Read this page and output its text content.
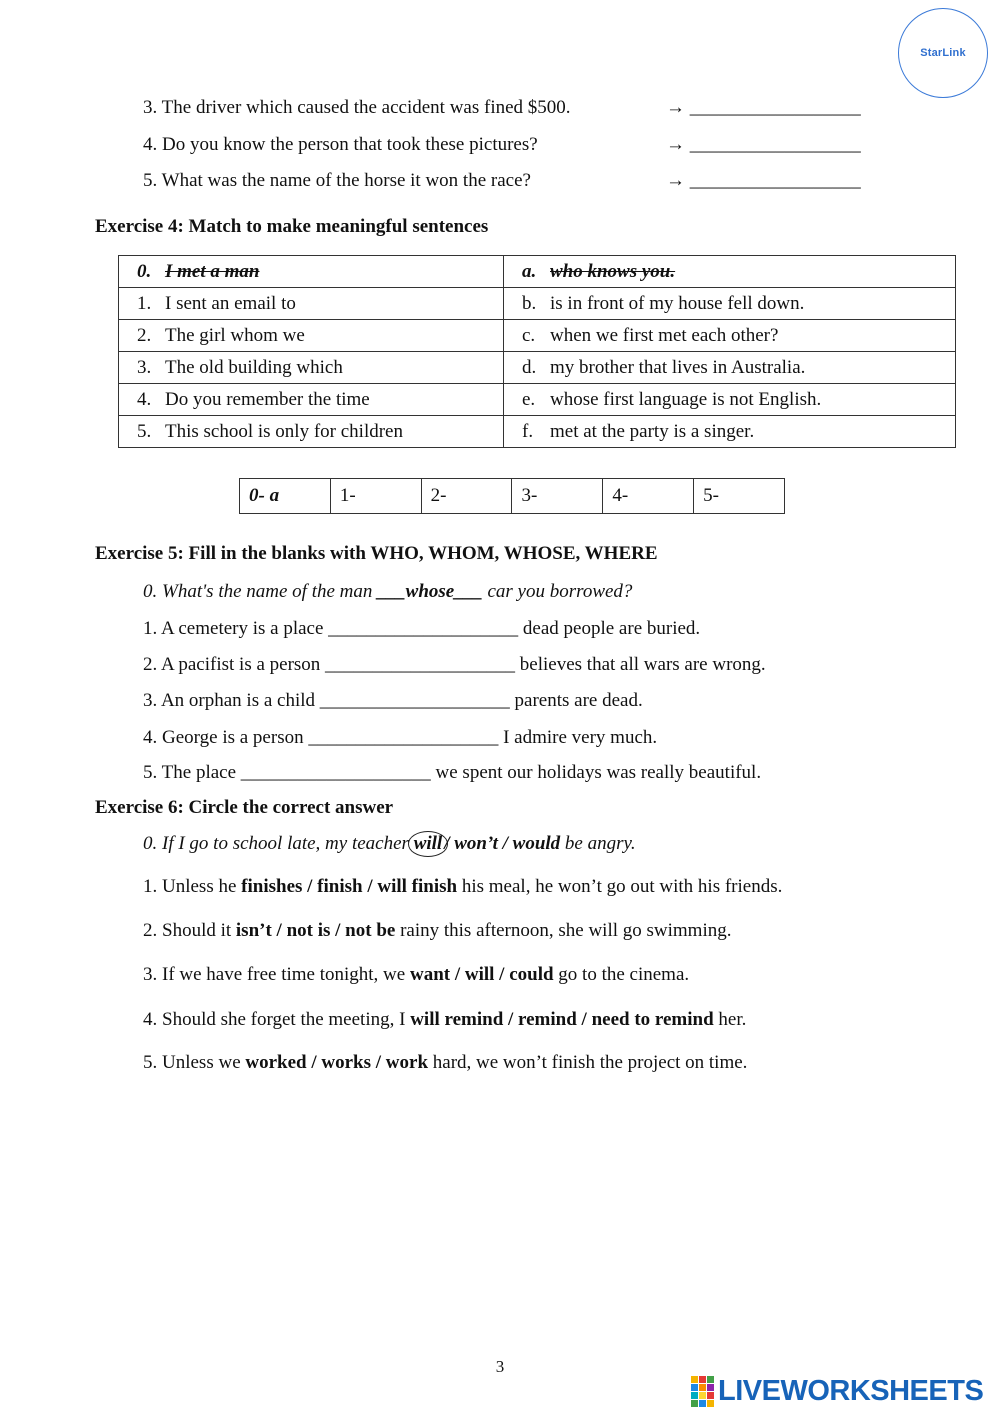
StarLink
3. The driver which caused the accident was fined $500.	→ __________________
4. Do you know the person that took these pictures?	→ __________________
5. What was the name of the horse it won the race?	→ __________________
Exercise 4: Match to make meaningful sentences
0. I met a man	a. who knows you.
1. I sent an email to	b. is in front of my house fell down.
2. The girl whom we	c. when we first met each other?
3. The old building which	d. my brother that lives in Australia.
4. Do you remember the time	e. whose first language is not English.
5. This school is only for children	f. met at the party is a singer.
0- a	1-	2-	3-	4-	5-
Exercise 5: Fill in the blanks with WHO, WHOM, WHOSE, WHERE
0. What's the name of the man ___whose___ car you borrowed?
1. A cemetery is a place ____________________ dead people are buried.
2. A pacifist is a person ____________________ believes that all wars are wrong.
3. An orphan is a child ____________________ parents are dead.
4. George is a person ____________________ I admire very much.
5. The place ____________________ we spent our holidays was really beautiful.
Exercise 6: Circle the correct answer
0. If I go to school late, my teacher will / won’t / would be angry.
1. Unless he finishes / finish / will finish his meal, he won’t go out with his friends.
2. Should it isn’t / not is / not be rainy this afternoon, she will go swimming.
3. If we have free time tonight, we want / will / could go to the cinema.
4. Should she forget the meeting, I will remind / remind / need to remind her.
5. Unless we worked / works / work hard, we won’t finish the project on time.
3
LIVEWORKSHEETS
